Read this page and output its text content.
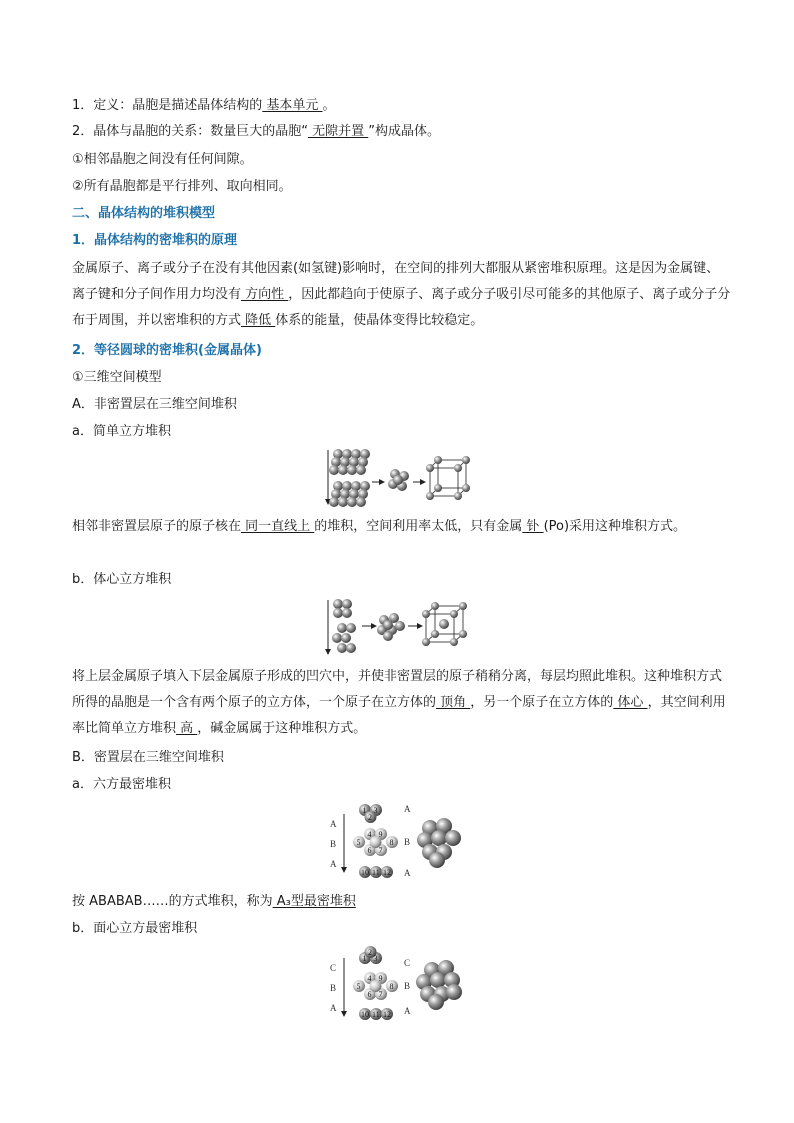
1．定义：晶胞是描述晶体结构的 基本单元 。
2．晶体与晶胞的关系：数量巨大的晶胞“ 无隙并置 ”构成晶体。
①相邻晶胞之间没有任何间隙。
②所有晶胞都是平行排列、取向相同。
二、晶体结构的堆积模型
1．晶体结构的密堆积的原理
金属原子、离子或分子在没有其他因素(如氢键)影响时，在空间的排列大都服从紧密堆积原理。这是因为金属键、离子键和分子间作用力均没有 方向性 ，因此都趋向于使原子、离子或分子吸引尽可能多的其他原子、离子或分子分布于周围，并以密堆积的方式 降低 体系的能量，使晶体变得比较稳定。
2．等径圆球的密堆积(金属晶体)
①三维空间模型
A．非密置层在三维空间堆积
a．简单立方堆积
相邻非密置层原子的原子核在 同一直线上 的堆积，空间利用率太低，只有金属 钋 (Po)采用这种堆积方式。
b．体心立方堆积
将上层金属原子填入下层金属原子形成的凹穴中，并使非密置层的原子稍稍分离，每层均照此堆积。这种堆积方式所得的晶胞是一个含有两个原子的立方体，一个原子在立方体的 顶角 ，另一个原子在立方体的 体心 ，其空间利用率比简单立方堆积 高 ，碱金属属于这种堆积方式。
B．密置层在三维空间堆积
a．六方最密堆积
A
B
A
A
B
A
1
2
3
4 9
5
6 7
8
10 11 12
按 ABABAB……的方式堆积，称为 A₃型最密堆积
b．面心立方最密堆积
C
B
A
C
B
A
1
2
3
4 9
5
6 7
8
10 11 12
